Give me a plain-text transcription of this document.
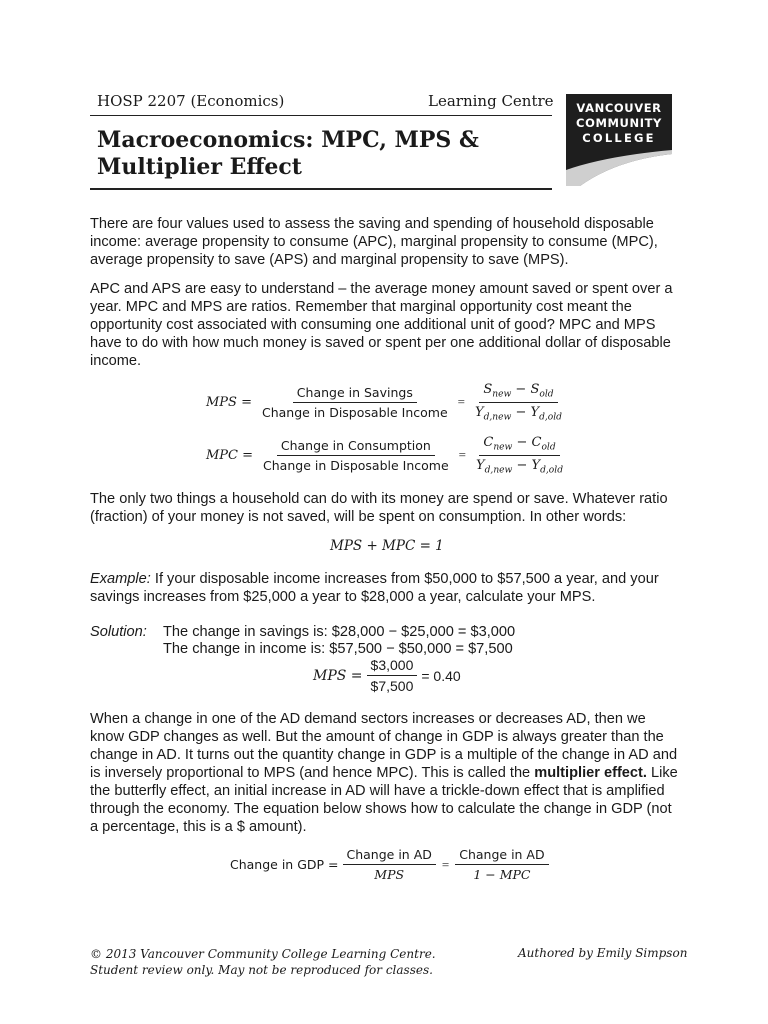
HOSP 2207 (Economics)	Learning Centre
Macroeconomics: MPC, MPS &
Multiplier Effect
VANCOUVER
COMMUNITY
COLLEGE
There are four values used to assess the saving and spending of household disposable income: average propensity to consume (APC), marginal propensity to consume (MPC), average propensity to save (APS) and marginal propensity to save (MPS).
APC and APS are easy to understand – the average money amount saved or spent over a year. MPC and MPS are ratios. Remember that marginal opportunity cost meant the opportunity cost associated with consuming one additional unit of good? MPC and MPS have to do with how much money is saved or spent per one additional dollar of disposable income.
MPS = $\frac{\text{Change in Savings}}{\text{Change in Disposable Income}} = \frac{S_{new} - S_{old}}{Y_{d,new} - Y_{d,old}}$
MPC = $\frac{\text{Change in Consumption}}{\text{Change in Disposable Income}} = \frac{C_{new} - C_{old}}{Y_{d,new} - Y_{d,old}}$
The only two things a household can do with its money are spend or save. Whatever ratio (fraction) of your money is not saved, will be spent on consumption. In other words:
MPS + MPC = 1
Example: If your disposable income increases from $50,000 to $57,500 a year, and your savings increases from $25,000 a year to $28,000 a year, calculate your MPS.
Solution: The change in savings is: $28,000 − $25,000 = $3,000
The change in income is: $57,500 − $50,000 = $7,500
MPS = $\frac{\$3,000}{\$7,500} = 0.40$
When a change in one of the AD demand sectors increases or decreases AD, then we know GDP changes as well. But the amount of change in GDP is always greater than the change in AD. It turns out the quantity change in GDP is a multiple of the change in AD and is inversely proportional to MPS (and hence MPC). This is called the multiplier effect. Like the butterfly effect, an initial increase in AD will have a trickle-down effect that is amplified through the economy. The equation below shows how to calculate the change in GDP (not a percentage, this is a $ amount).
Change in GDP = $\frac{\text{Change in AD}}{\text{MPS}} = \frac{\text{Change in AD}}{\text{1 − MPC}}$
© 2013 Vancouver Community College Learning Centre.
Student review only. May not be reproduced for classes.
Authored by Emily Simpson
